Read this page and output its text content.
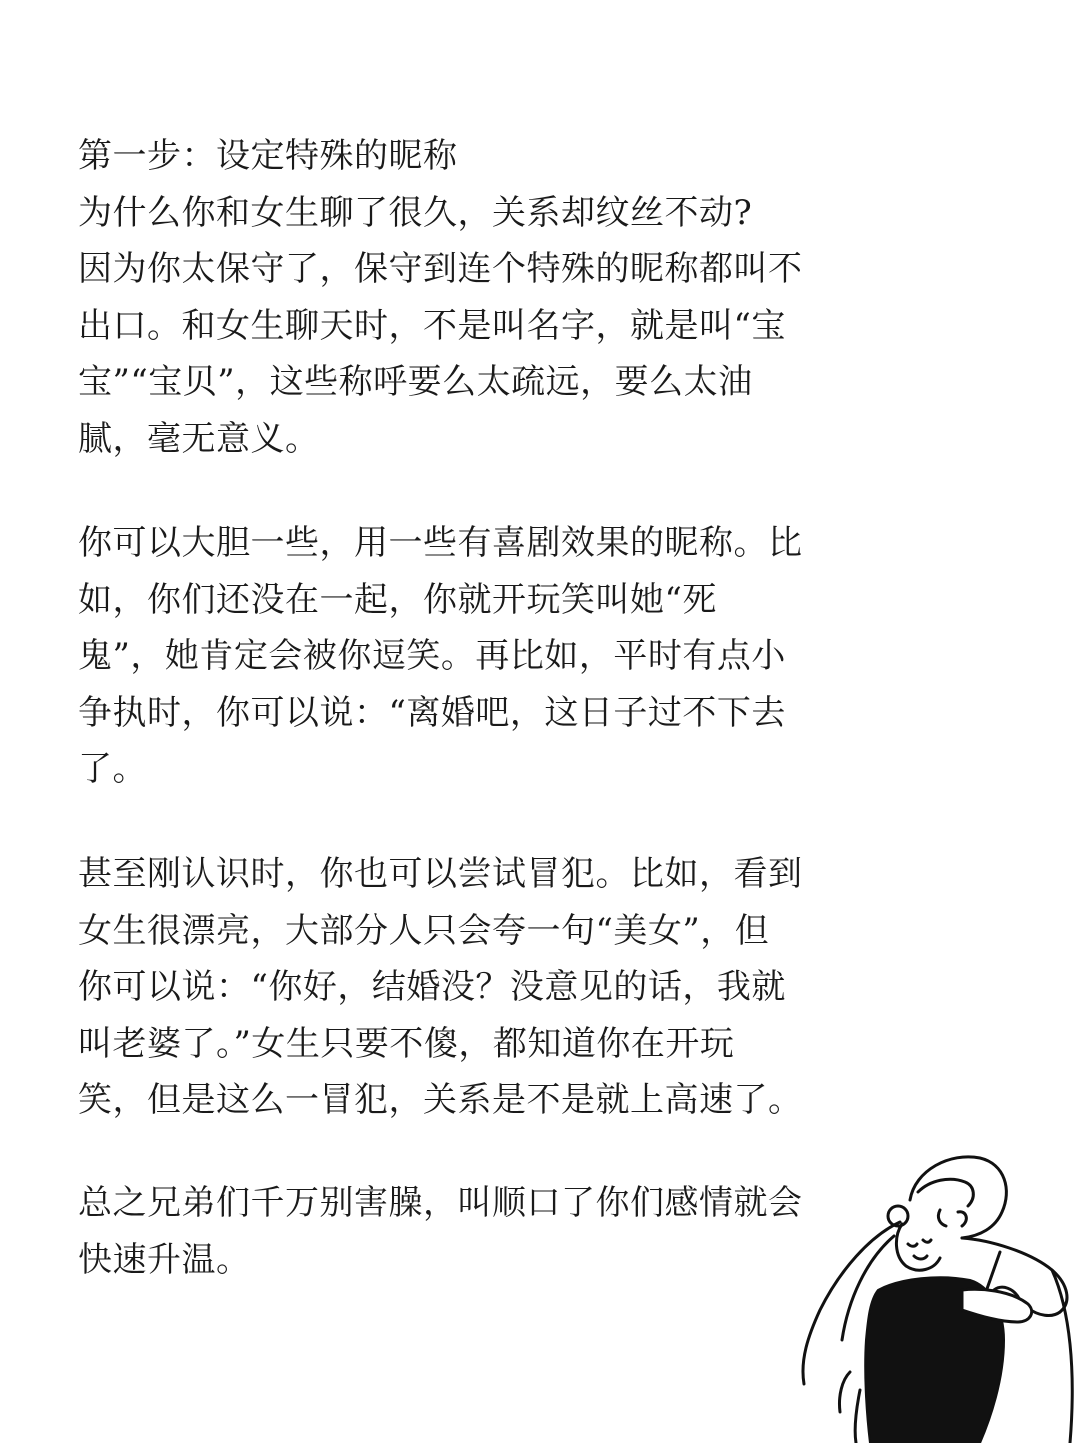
第一步：设定特殊的昵称
为什么你和女生聊了很久，关系却纹丝不动?
因为你太保守了，保守到连个特殊的昵称都叫不
出口。和女生聊天时，不是叫名字，就是叫“宝
宝”“宝贝”，这些称呼要么太疏远，要么太油
腻，毫无意义。
你可以大胆一些，用一些有喜剧效果的昵称。比
如，你们还没在一起，你就开玩笑叫她“死
鬼”，她肯定会被你逗笑。再比如，平时有点小
争执时，你可以说：“离婚吧，这日子过不下去
了。
甚至刚认识时，你也可以尝试冒犯。比如，看到
女生很漂亮，大部分人只会夸一句“美女”，但
你可以说：“你好，结婚没？没意见的话，我就
叫老婆了。”女生只要不傻，都知道你在开玩
笑，但是这么一冒犯，关系是不是就上高速了。
总之兄弟们千万别害臊，叫顺口了你们感情就会
快速升温。
